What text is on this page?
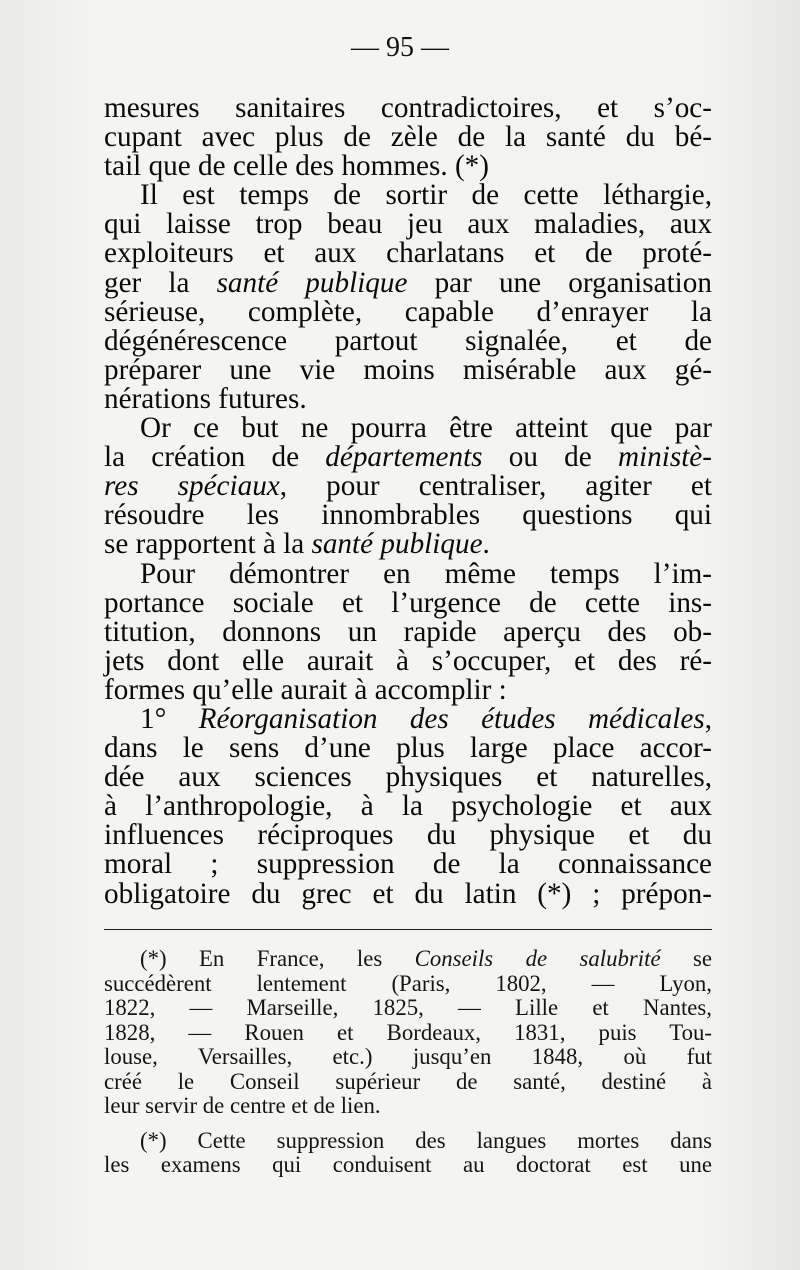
— 95 —
mesures sanitaires contradictoires, et s’oc-
cupant avec plus de zèle de la santé du bé-
tail que de celle des hommes. (*)
Il est temps de sortir de cette léthargie,
qui laisse trop beau jeu aux maladies, aux
exploiteurs et aux charlatans et de proté-
ger la santé publique par une organisation
sérieuse, complète, capable d’enrayer la
dégénérescence partout signalée, et de
préparer une vie moins misérable aux gé-
nérations futures.
Or ce but ne pourra être atteint que par
la création de départements ou de ministè-
res spéciaux, pour centraliser, agiter et
résoudre les innombrables questions qui
se rapportent à la santé publique.
Pour démontrer en même temps l’im-
portance sociale et l’urgence de cette ins-
titution, donnons un rapide aperçu des ob-
jets dont elle aurait à s’occuper, et des ré-
formes qu’elle aurait à accomplir :
1° Réorganisation des études médicales,
dans le sens d’une plus large place accor-
dée aux sciences physiques et naturelles,
à l’anthropologie, à la psychologie et aux
influences réciproques du physique et du
moral ; suppression de la connaissance
obligatoire du grec et du latin (*) ; prépon-
(*) En France, les Conseils de salubrité se
succédèrent lentement (Paris, 1802, — Lyon,
1822, — Marseille, 1825, — Lille et Nantes,
1828, — Rouen et Bordeaux, 1831, puis Tou-
louse, Versailles, etc.) jusqu’en 1848, où fut
créé le Conseil supérieur de santé, destiné à
leur servir de centre et de lien.
(*) Cette suppression des langues mortes dans
les examens qui conduisent au doctorat est une
